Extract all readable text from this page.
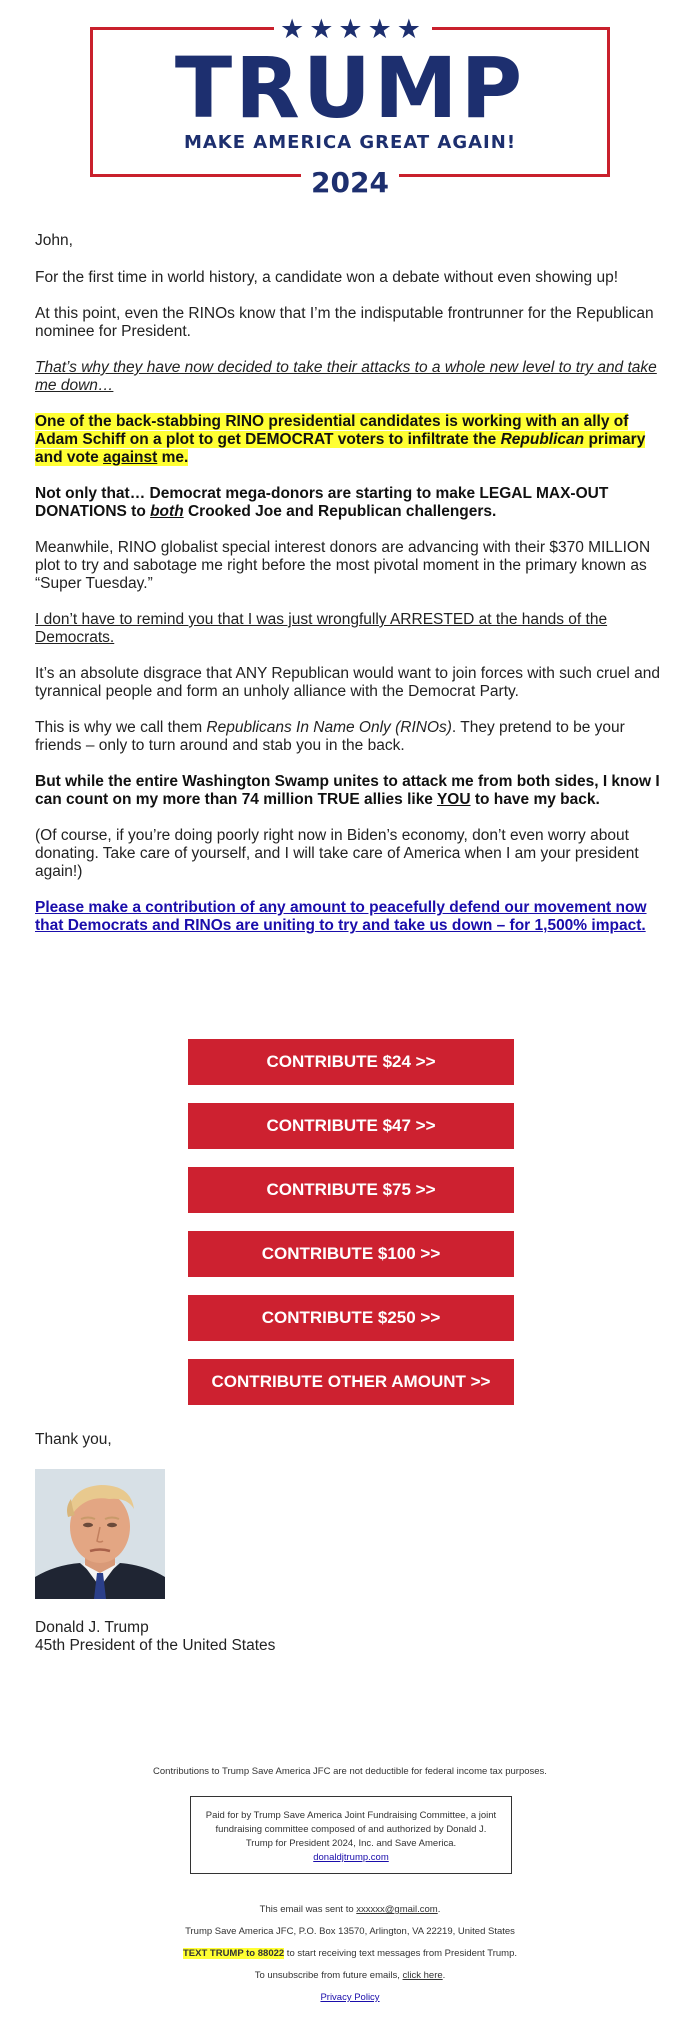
★★★★★
TRUMP
MAKE AMERICA GREAT AGAIN!
2024

John,

For the first time in world history, a candidate won a debate without even showing up!

At this point, even the RINOs know that I’m the indisputable frontrunner for the Republican nominee for President.

That’s why they have now decided to take their attacks to a whole new level to try and take me down…

One of the back-stabbing RINO presidential candidates is working with an ally of Adam Schiff on a plot to get DEMOCRAT voters to infiltrate the Republican primary and vote against me.

Not only that… Democrat mega-donors are starting to make LEGAL MAX-OUT DONATIONS to both Crooked Joe and Republican challengers.

Meanwhile, RINO globalist special interest donors are advancing with their $370 MILLION plot to try and sabotage me right before the most pivotal moment in the primary known as “Super Tuesday.”

I don’t have to remind you that I was just wrongfully ARRESTED at the hands of the Democrats.

It’s an absolute disgrace that ANY Republican would want to join forces with such cruel and tyrannical people and form an unholy alliance with the Democrat Party.

This is why we call them Republicans In Name Only (RINOs). They pretend to be your friends – only to turn around and stab you in the back.

But while the entire Washington Swamp unites to attack me from both sides, I know I can count on my more than 74 million TRUE allies like YOU to have my back.

(Of course, if you’re doing poorly right now in Biden’s economy, don’t even worry about donating. Take care of yourself, and I will take care of America when I am your president again!)

Please make a contribution of any amount to peacefully defend our movement now that Democrats and RINOs are uniting to try and take us down – for 1,500% impact.

CONTRIBUTE $24 >>
CONTRIBUTE $47 >>
CONTRIBUTE $75 >>
CONTRIBUTE $100 >>
CONTRIBUTE $250 >>
CONTRIBUTE OTHER AMOUNT >>
Thank you,
Donald J. Trump
45th President of the United States
Contributions to Trump Save America JFC are not deductible for federal income tax purposes.
Paid for by Trump Save America Joint Fundraising Committee, a joint fundraising committee composed of and authorized by Donald J. Trump for President 2024, Inc. and Save America.
donaldjtrump.com
This email was sent to xxxxxx@gmail.com.
Trump Save America JFC, P.O. Box 13570, Arlington, VA 22219, United States
TEXT TRUMP to 88022 to start receiving text messages from President Trump.
To unsubscribe from future emails, click here.
Privacy Policy
